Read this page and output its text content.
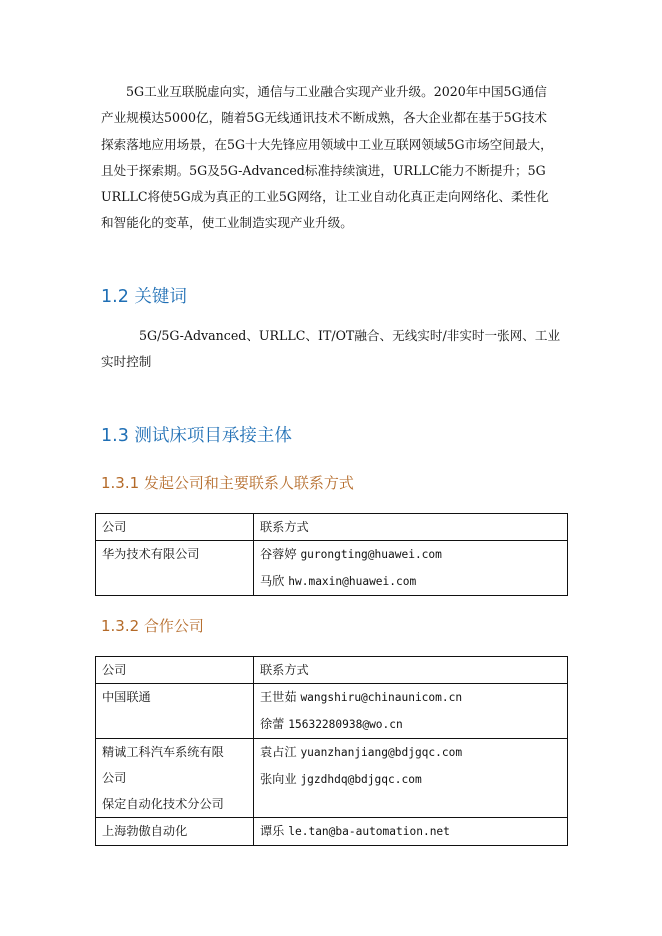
5G工业互联脱虚向实，通信与工业融合实现产业升级。2020年中国5G通信
产业规模达5000亿，随着5G无线通讯技术不断成熟，各大企业都在基于5G技术
探索落地应用场景，在5G十大先锋应用领域中工业互联网领域5G市场空间最大，
且处于探索期。5G及5G-Advanced标准持续演进，URLLC能力不断提升；5G
URLLC将使5G成为真正的工业5G网络，让工业自动化真正走向网络化、柔性化
和智能化的变革，使工业制造实现产业升级。

1.2 关键词

5G/5G-Advanced、URLLC、IT/OT融合、无线实时/非实时一张网、工业
实时控制

1.3 测试床项目承接主体
1.3.1 发起公司和主要联系人联系方式
公司	联系方式

华为技术有限公司	谷蓉婷 gurongting@huawei.com
马欣 hw.maxin@huawei.com
1.3.2 合作公司
公司	联系方式

中国联通	王世茹 wangshiru@chinaunicom.cn
徐蕾 15632280938@wo.cn

精诚工科汽车系统有限
公司
保定自动化技术分公司	袁占江 yuanzhanjiang@bdjgqc.com
张向业 jgzdhdq@bdjgqc.com

上海勃傲自动化	谭乐 le.tan@ba-automation.net
